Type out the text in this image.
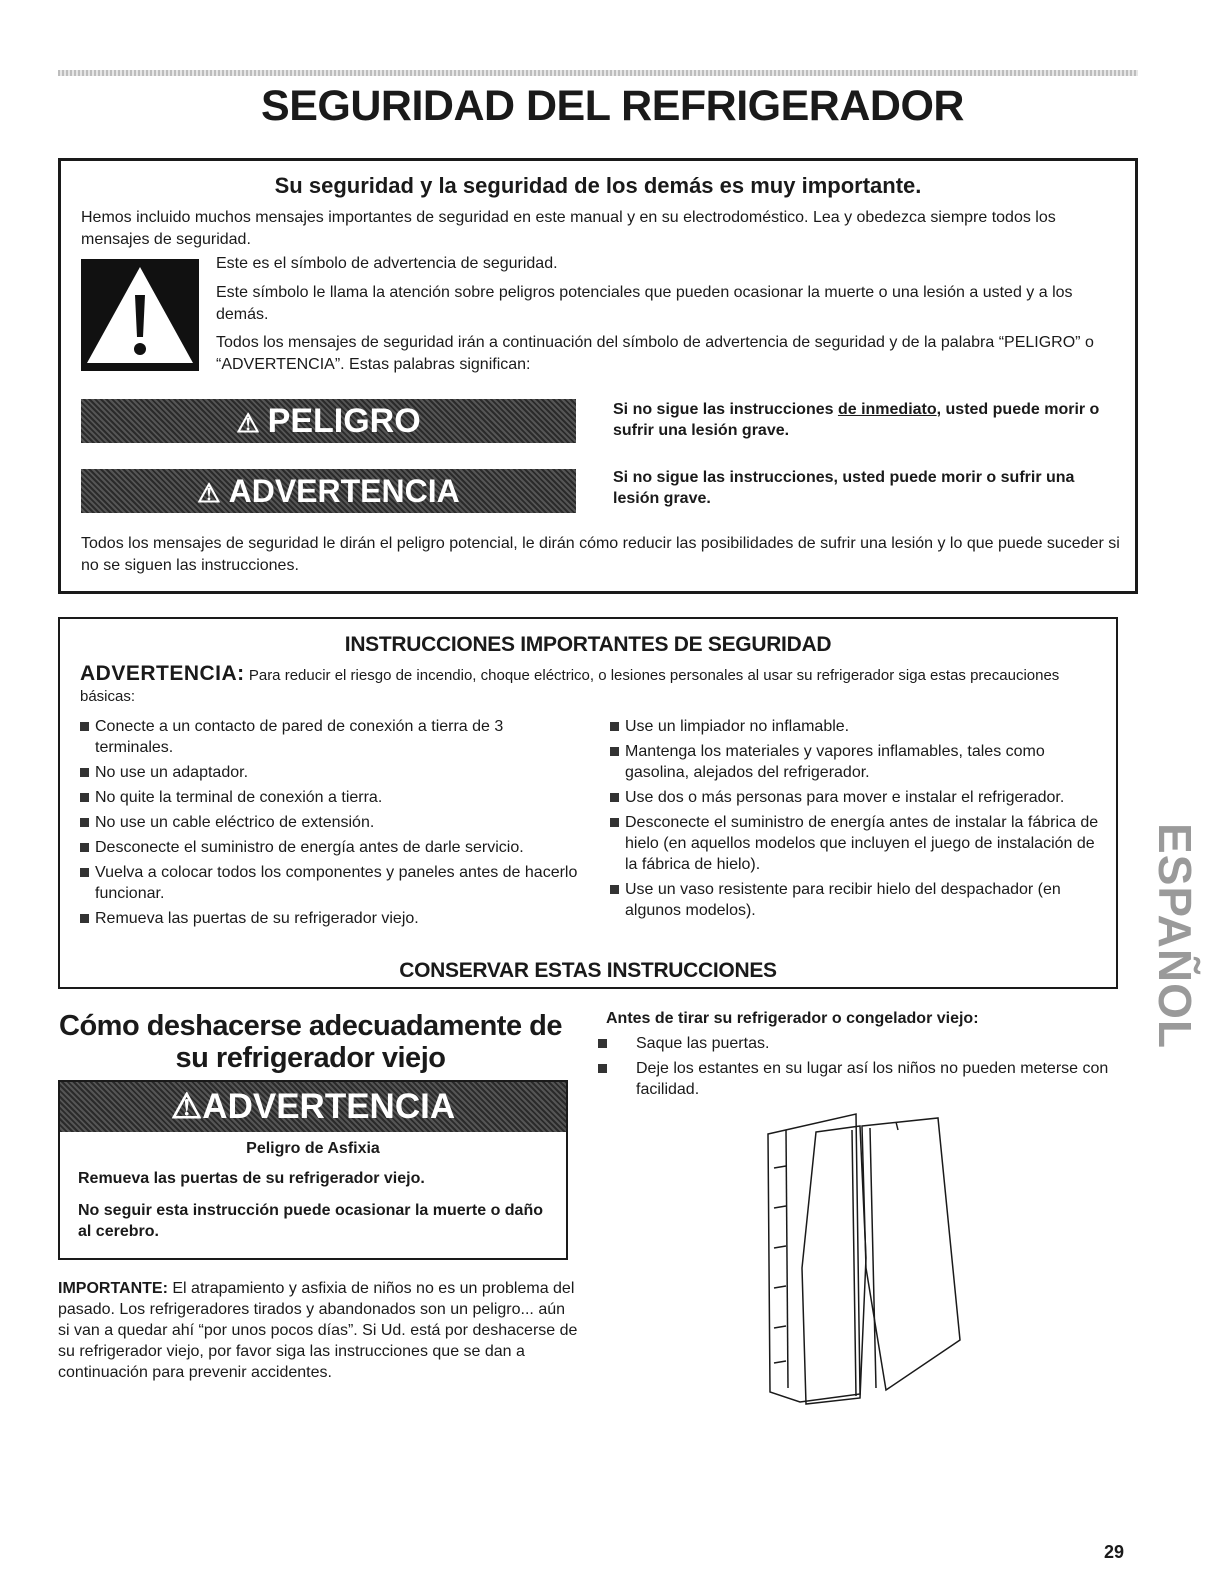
SEGURIDAD DEL REFRIGERADOR
Su seguridad y la seguridad de los demás es muy importante.

Hemos incluido muchos mensajes importantes de seguridad en este manual y en su electrodoméstico. Lea y obedezca siempre todos los mensajes de seguridad.

Este es el símbolo de advertencia de seguridad.

Este símbolo le llama la atención sobre peligros potenciales que pueden ocasionar la muerte o una lesión a usted y a los demás.

Todos los mensajes de seguridad irán a continuación del símbolo de advertencia de seguridad y de la palabra “PELIGRO” o “ADVERTENCIA”. Estas palabras significan:

⚠ PELIGRO	Si no sigue las instrucciones de inmediato, usted puede morir o sufrir una lesión grave.

⚠ ADVERTENCIA	Si no sigue las instrucciones, usted puede morir o sufrir una lesión grave.

Todos los mensajes de seguridad le dirán el peligro potencial, le dirán cómo reducir las posibilidades de sufrir una lesión y lo que puede suceder si no se siguen las instrucciones.

INSTRUCCIONES IMPORTANTES DE SEGURIDAD

ADVERTENCIA: Para reducir el riesgo de incendio, choque eléctrico, o lesiones personales al usar su refrigerador siga estas precauciones básicas:

Conecte a un contacto de pared de conexión a tierra de 3 terminales.
No use un adaptador.
No quite la terminal de conexión a tierra.
No use un cable eléctrico de extensión.
Desconecte el suministro de energía antes de darle servicio.
Vuelva a colocar todos los componentes y paneles antes de hacerlo funcionar.
Remueva las puertas de su refrigerador viejo.
Use un limpiador no inflamable.
Mantenga los materiales y vapores inflamables, tales como gasolina, alejados del refrigerador.
Use dos o más personas para mover e instalar el refrigerador.
Desconecte el suministro de energía antes de instalar la fábrica de hielo (en aquellos modelos que incluyen el juego de instalación de la fábrica de hielo).
Use un vaso resistente para recibir hielo del despachador (en algunos modelos).

CONSERVAR ESTAS INSTRUCCIONES	ESPAÑOL
Cómo deshacerse adecuadamente de su refrigerador viejo
⚠ADVERTENCIA

Peligro de Asfixia

Remueva las puertas de su refrigerador viejo.

No seguir esta instrucción puede ocasionar la muerte o daño al cerebro.

IMPORTANTE: El atrapamiento y asfixia de niños no es un problema del pasado. Los refrigeradores tirados y abandonados son un peligro... aún si van a quedar ahí “por unos pocos días”. Si Ud. está por deshacerse de su refrigerador viejo, por favor siga las instrucciones que se dan a continuación para prevenir accidentes.

Antes de tirar su refrigerador o congelador viejo:

Saque las puertas.
Deje los estantes en su lugar así los niños no pueden meterse con facilidad.

29
